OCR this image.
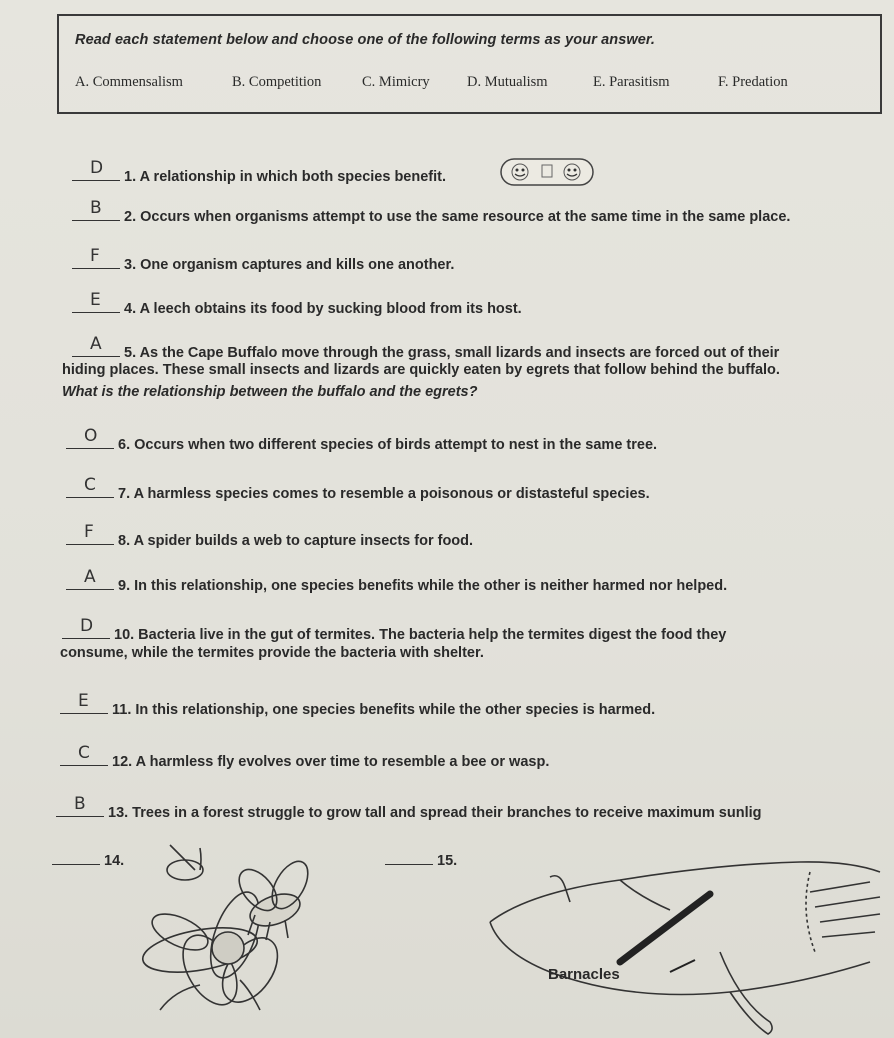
Read each statement below and choose one of the following terms as your answer.
A. Commensalism	B. Competition	C. Mimicry	D. Mutualism	E. Parasitism	F. Predation
D 1. A relationship in which both species benefit.
B 2. Occurs when organisms attempt to use the same resource at the same time in the same place.
F 3. One organism captures and kills one another.
E 4. A leech obtains its food by sucking blood from its host.
A 5. As the Cape Buffalo move through the grass, small lizards and insects are forced out of their
hiding places. These small insects and lizards are quickly eaten by egrets that follow behind the buffalo.
What is the relationship between the buffalo and the egrets?
O 6. Occurs when two different species of birds attempt to nest in the same tree.
C 7. A harmless species comes to resemble a poisonous or distasteful species.
F 8. A spider builds a web to capture insects for food.
A 9. In this relationship, one species benefits while the other is neither harmed nor helped.
D 10. Bacteria live in the gut of termites. The bacteria help the termites digest the food they
consume, while the termites provide the bacteria with shelter.
E 11. In this relationship, one species benefits while the other species is harmed.
C 12. A harmless fly evolves over time to resemble a bee or wasp.
B 13. Trees in a forest struggle to grow tall and spread their branches to receive maximum sunlig
14.	15.
Barnacles
